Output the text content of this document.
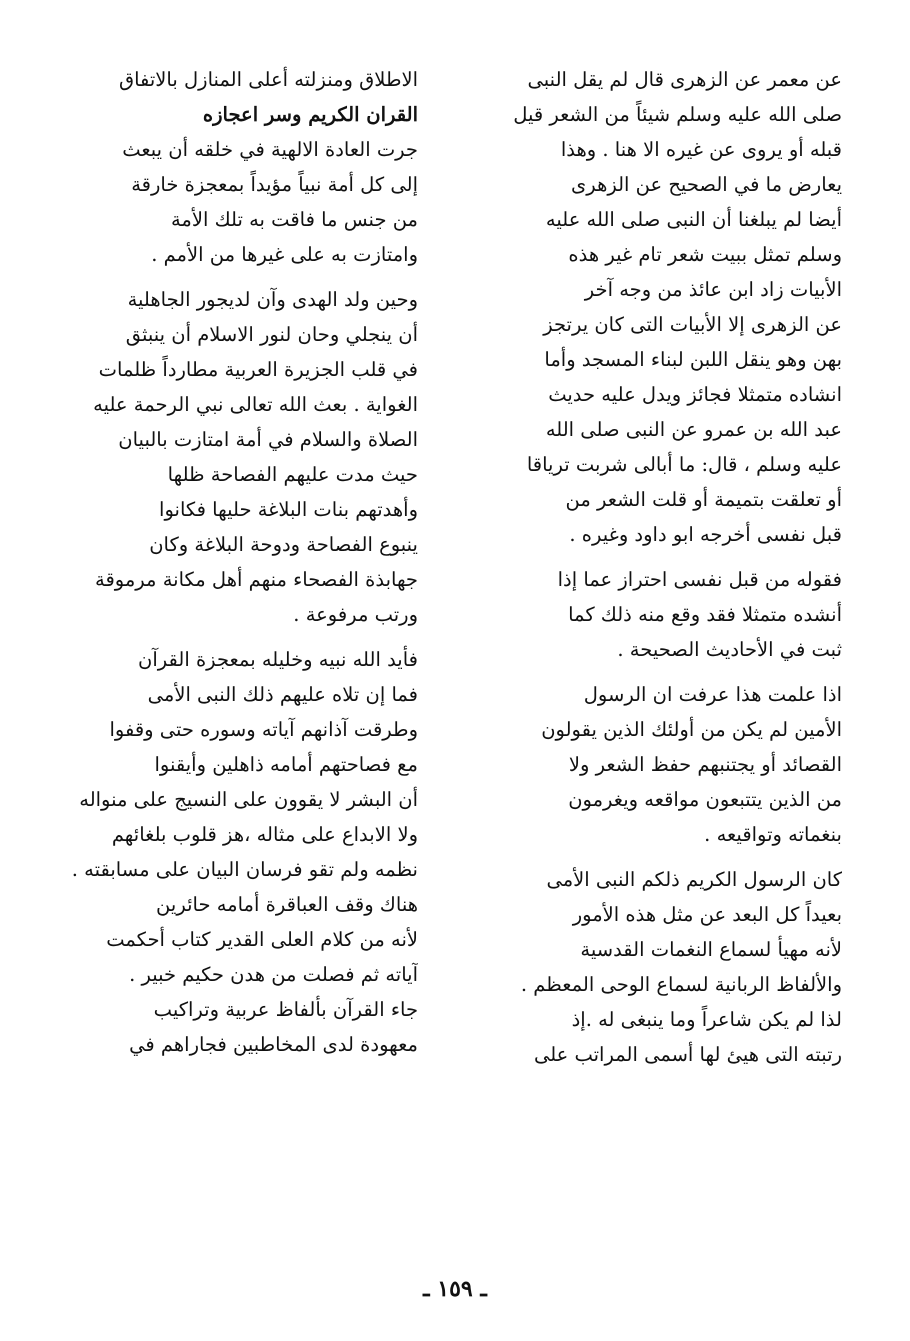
عن معمر عن الزهرى قال لم يقل النبى
صلى الله عليه وسلم شيئاً من الشعر قيل
قبله أو يروى عن غيره الا هنا . وهذا
يعارض ما في الصحيح عن الزهرى
أيضا لم يبلغنا أن النبى صلى الله عليه
وسلم تمثل ببيت شعر تام غير هذه
الأبيات زاد ابن عائذ من وجه آخر
عن الزهرى إلا الأبيات التى كان يرتجز
بهن وهو ينقل اللبن لبناء المسجد وأما
انشاده متمثلا فجائز ويدل عليه حديث
عبد الله بن عمرو عن النبى صلى الله
عليه وسلم ، قال: ما أبالى شربت ترياقا
أو تعلقت بتميمة أو قلت الشعر من
قبل نفسى أخرجه ابو داود وغيره .
فقوله من قبل نفسى احتراز عما إذا
أنشده متمثلا فقد وقع منه ذلك كما
ثبت في الأحاديث الصحيحة .
اذا علمت هذا عرفت ان الرسول
الأمين لم يكن من أولئك الذين يقولون
القصائد أو يجتنبهم حفظ الشعر ولا
من الذين يتتبعون مواقعه ويغرمون
بنغماته وتواقيعه .
كان الرسول الكريم ذلكم النبى الأمى
بعيداً كل البعد عن مثل هذه الأمور
لأنه مهيأ لسماع النغمات القدسية
والألفاظ الربانية لسماع الوحى المعظم .
لذا لم يكن شاعراً وما ينبغى له .إذ
رتبته التى هيئ لها أسمى المراتب على
الاطلاق ومنزلته أعلى المنازل بالاتفاق
القران الكريم وسر اعجازه
جرت العادة الالهية في خلقه أن يبعث
إلى كل أمة نبياً مؤيداً بمعجزة خارقة
من جنس ما فاقت به تلك الأمة
وامتازت به على غيرها من الأمم .
وحين ولد الهدى وآن لديجور الجاهلية
أن ينجلي وحان لنور الاسلام أن ينبثق
في قلب الجزيرة العربية مطارداً ظلمات
الغواية . بعث الله تعالى نبي الرحمة عليه
الصلاة والسلام في أمة امتازت بالبيان
حيث مدت عليهم الفصاحة ظلها
وأهدتهم بنات البلاغة حليها فكانوا
ينبوع الفصاحة ودوحة البلاغة وكان
جهابذة الفصحاء منهم أهل مكانة مرموقة
ورتب مرفوعة .
فأيد الله نبيه وخليله بمعجزة القرآن
فما إن تلاه عليهم ذلك النبى الأمى
وطرقت آذانهم آياته وسوره حتى وقفوا
مع فصاحتهم أمامه ذاهلين وأيقنوا
أن البشر لا يقوون على النسيج على منواله
ولا الابداع على مثاله ،هز قلوب بلغائهم
نظمه ولم تقو فرسان البيان على مسابقته .
هناك وقف العباقرة أمامه حائرين
لأنه من كلام العلى القدير كتاب أحكمت
آياته ثم فصلت من هدن حكيم خبير .
جاء القرآن بألفاظ عربية وتراكيب
معهودة لدى المخاطبين فجاراهم في
ـ ١٥٩ ـ
